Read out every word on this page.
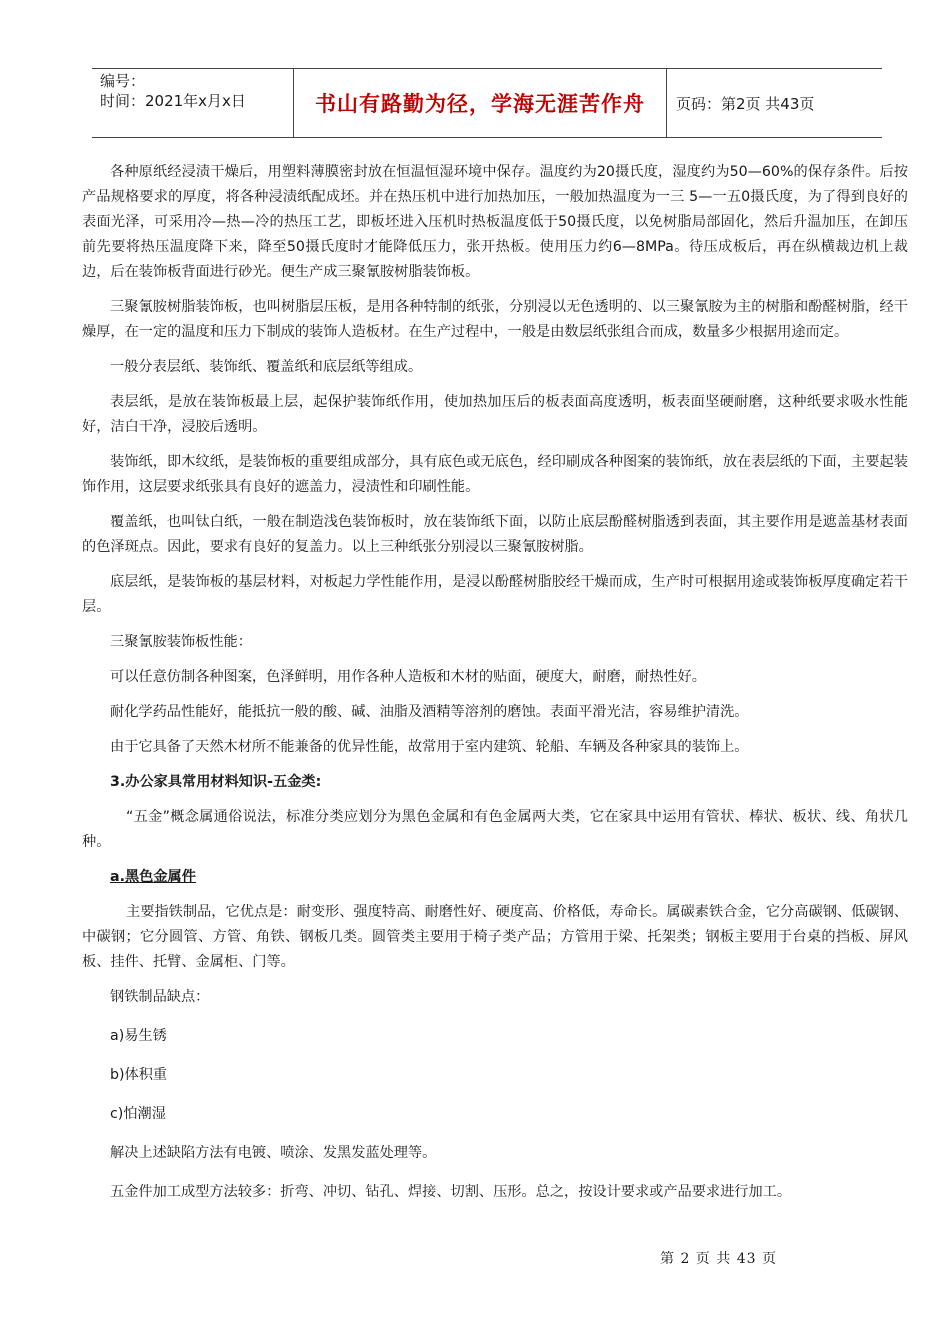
编号：
时间：2021年x月x日	书山有路勤为径，学海无涯苦作舟	页码：第2页 共43页

各种原纸经浸渍干燥后，用塑料薄膜密封放在恒温恒湿环境中保存。温度约为20摄氏度，湿度约为50—60%的保存条件。后按产品规格要求的厚度，将各种浸渍纸配成坯。并在热压机中进行加热加压，一般加热温度为一三 5—一五0摄氏度，为了得到良好的表面光泽，可采用冷—热—冷的热压工艺，即板坯进入压机时热板温度低于50摄氏度，以免树脂局部固化，然后升温加压，在卸压前先要将热压温度降下来，降至50摄氏度时才能降低压力，张开热板。使用压力约6—8MPa。待压成板后，再在纵横裁边机上裁边，后在装饰板背面进行砂光。便生产成三聚氰胺树脂装饰板。

三聚氰胺树脂装饰板，也叫树脂层压板，是用各种特制的纸张，分别浸以无色透明的、以三聚氰胺为主的树脂和酚醛树脂，经干燥厚，在一定的温度和压力下制成的装饰人造板材。在生产过程中，一般是由数层纸张组合而成，数量多少根据用途而定。

一般分表层纸、装饰纸、覆盖纸和底层纸等组成。

表层纸，是放在装饰板最上层，起保护装饰纸作用，使加热加压后的板表面高度透明，板表面坚硬耐磨，这种纸要求吸水性能好，洁白干净，浸胶后透明。

装饰纸，即木纹纸，是装饰板的重要组成部分，具有底色或无底色，经印刷成各种图案的装饰纸，放在表层纸的下面，主要起装饰作用，这层要求纸张具有良好的遮盖力，浸渍性和印刷性能。

覆盖纸，也叫钛白纸，一般在制造浅色装饰板时，放在装饰纸下面，以防止底层酚醛树脂透到表面，其主要作用是遮盖基材表面的色泽斑点。因此，要求有良好的复盖力。以上三种纸张分别浸以三聚氰胺树脂。

底层纸，是装饰板的基层材料，对板起力学性能作用，是浸以酚醛树脂胶经干燥而成，生产时可根据用途或装饰板厚度确定若干层。

三聚氰胺装饰板性能：

可以任意仿制各种图案，色泽鲜明，用作各种人造板和木材的贴面，硬度大，耐磨，耐热性好。

耐化学药品性能好，能抵抗一般的酸、碱、油脂及酒精等溶剂的磨蚀。表面平滑光洁，容易维护清洗。

由于它具备了天然木材所不能兼备的优异性能，故常用于室内建筑、轮船、车辆及各种家具的装饰上。

3.办公家具常用材料知识-五金类:

“五金”概念属通俗说法，标准分类应划分为黑色金属和有色金属两大类，它在家具中运用有管状、棒状、板状、线、角状几种。

a.黑色金属件

主要指铁制品，它优点是：耐变形、强度特高、耐磨性好、硬度高、价格低，寿命长。属碳素铁合金，它分高碳钢、低碳钢、中碳钢；它分圆管、方管、角铁、钢板几类。圆管类主要用于椅子类产品；方管用于梁、托架类；钢板主要用于台桌的挡板、屏风板、挂件、托臂、金属柜、门等。

钢铁制品缺点：

a)易生锈

b)体积重

c)怕潮湿

解决上述缺陷方法有电镀、喷涂、发黑发蓝处理等。

五金件加工成型方法较多：折弯、冲切、钻孔、焊接、切割、压形。总之，按设计要求或产品要求进行加工。

第 2 页 共 43 页
